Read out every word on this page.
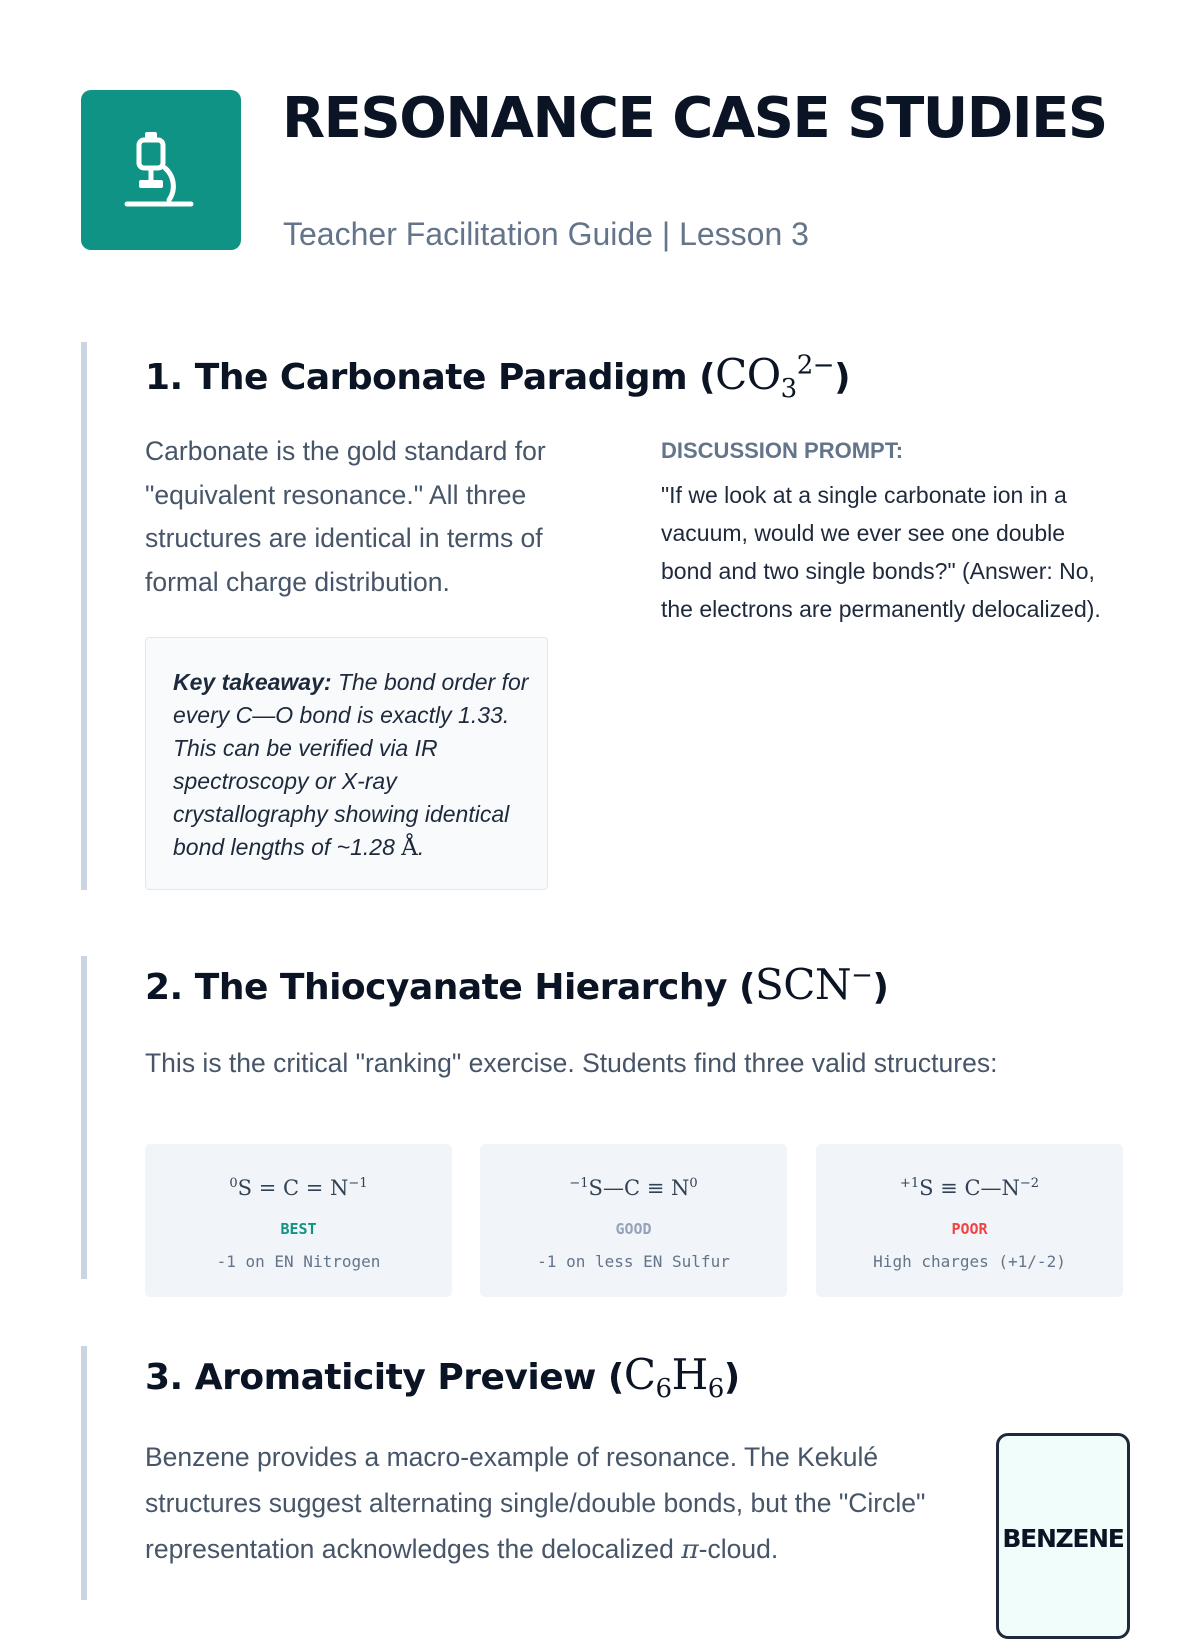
RESONANCE CASE STUDIES

Teacher Facilitation Guide | Lesson 3

1. The Carbonate Paradigm $(CO_3^{2-})$

Carbonate is the gold standard for "equivalent resonance." All three structures are identical in terms of formal charge distribution.

Key takeaway: The bond order for every C—O bond is exactly 1.33. This can be verified via IR spectroscopy or X-ray crystallography showing identical bond lengths of ~1.28 Å.

DISCUSSION PROMPT:

"If we look at a single carbonate ion in a vacuum, would we ever see one double bond and two single bonds?" (Answer: No, the electrons are permanently delocalized).

2. The Thiocyanate Hierarchy (SCN−)

This is the critical "ranking" exercise. Students find three valid structures:

$^0S = C = N^{-1}$
BEST
-1 on EN Nitrogen
$^{-1}$S—C ≡ $N^0$
GOOD
-1 on less EN Sulfur
$^{+1}S \equiv C—N^{-2}$
POOR
High charges (+1/-2)
3. Aromaticity Preview $(C_6H_6)$

Benzene provides a macro-example of resonance. The Kekulé structures suggest alternating single/double bonds, but the "Circle" representation acknowledges the delocalized π-cloud.	BENZENE
